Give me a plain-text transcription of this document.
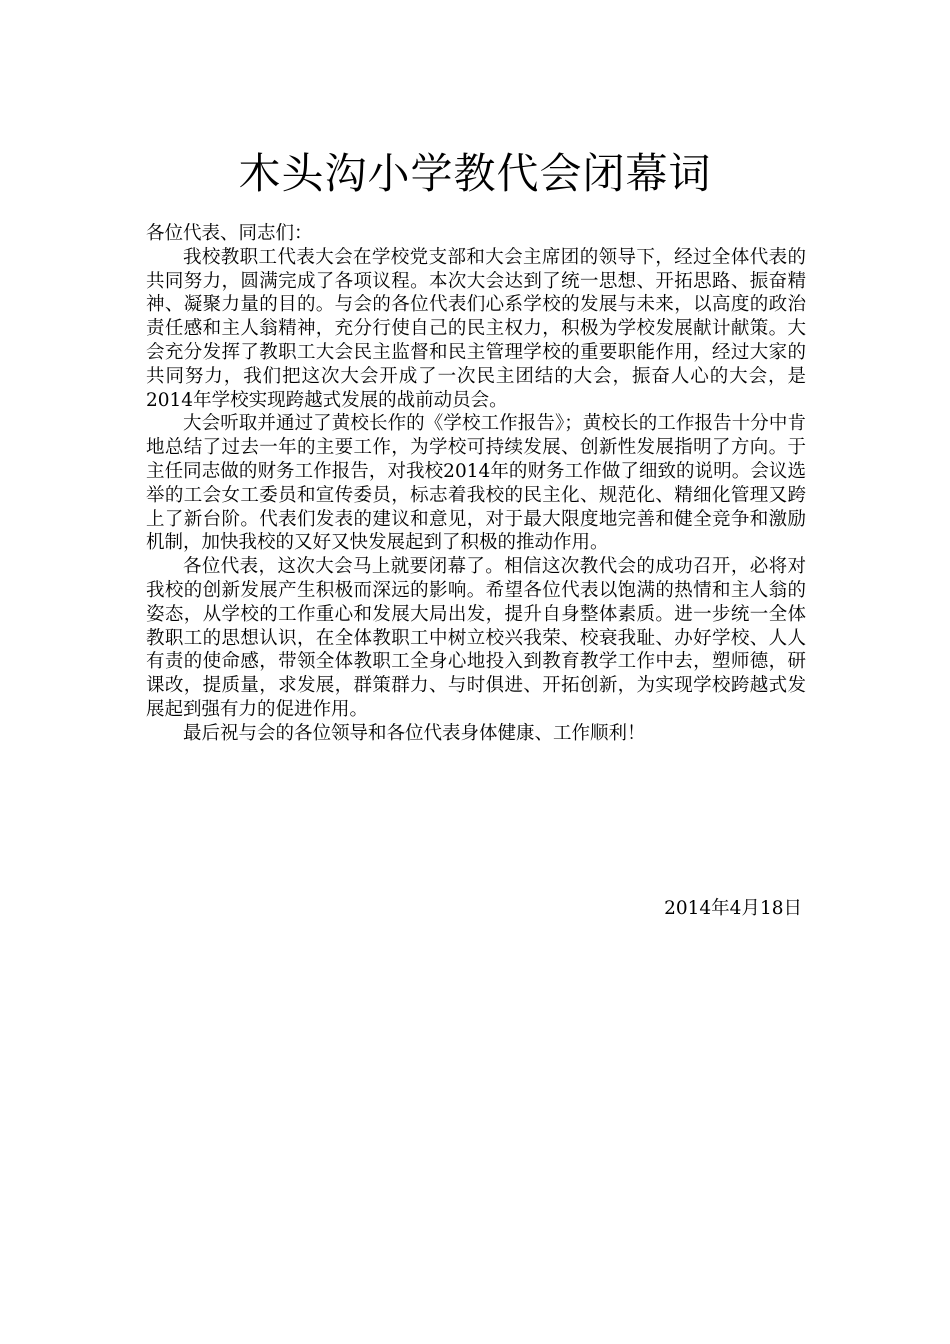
木头沟小学教代会闭幕词

各位代表、同志们：

我校教职工代表大会在学校党支部和大会主席团的领导下，经过全体代表的共同努力，圆满完成了各项议程。本次大会达到了统一思想、开拓思路、振奋精神、凝聚力量的目的。与会的各位代表们心系学校的发展与未来，以高度的政治责任感和主人翁精神，充分行使自己的民主权力，积极为学校发展献计献策。大会充分发挥了教职工大会民主监督和民主管理学校的重要职能作用，经过大家的共同努力，我们把这次大会开成了一次民主团结的大会，振奋人心的大会，是2014年学校实现跨越式发展的战前动员会。

大会听取并通过了黄校长作的《学校工作报告》；黄校长的工作报告十分中肯地总结了过去一年的主要工作，为学校可持续发展、创新性发展指明了方向。于主任同志做的财务工作报告，对我校2014年的财务工作做了细致的说明。会议选举的工会女工委员和宣传委员，标志着我校的民主化、规范化、精细化管理又跨上了新台阶。代表们发表的建议和意见，对于最大限度地完善和健全竞争和激励机制，加快我校的又好又快发展起到了积极的推动作用。

各位代表，这次大会马上就要闭幕了。相信这次教代会的成功召开，必将对我校的创新发展产生积极而深远的影响。希望各位代表以饱满的热情和主人翁的姿态，从学校的工作重心和发展大局出发，提升自身整体素质。进一步统一全体教职工的思想认识，在全体教职工中树立校兴我荣、校衰我耻、办好学校、人人有责的使命感，带领全体教职工全身心地投入到教育教学工作中去，塑师德，研课改，提质量，求发展，群策群力、与时俱进、开拓创新，为实现学校跨越式发展起到强有力的促进作用。

最后祝与会的各位领导和各位代表身体健康、工作顺利！

2014年4月18日
